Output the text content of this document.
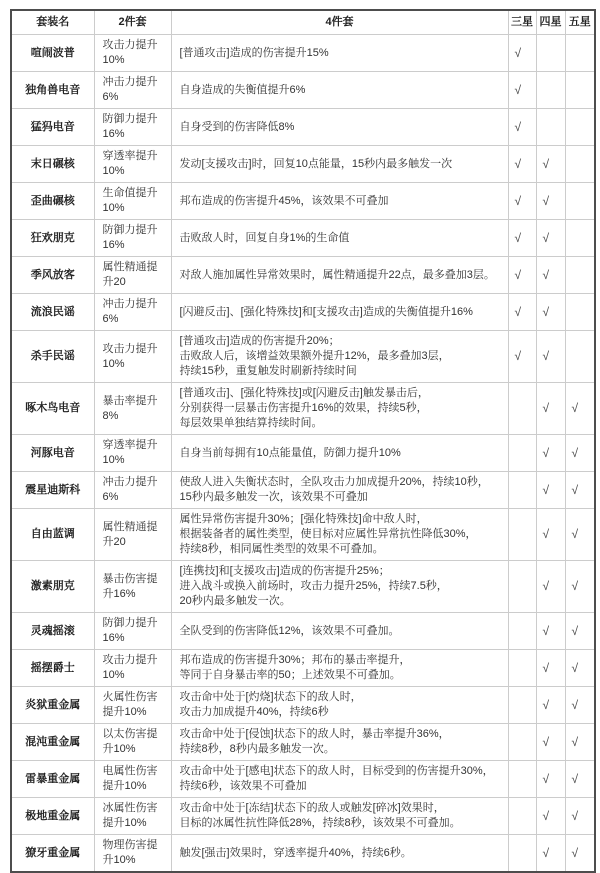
套装名	2件套	4件套	三星	四星	五星
喧闹波普	攻击力提升10%	[普通攻击]造成的伤害提升15%	√		
独角兽电音	冲击力提升6%	自身造成的失衡值提升6%	√		
猛犸电音	防御力提升16%	自身受到的伤害降低8%	√		
末日碾核	穿透率提升10%	发动[支援攻击]时，回复10点能量，15秒内最多触发一次	√	√	
歪曲碾核	生命值提升10%	邦布造成的伤害提升45%，该效果不可叠加	√	√	
狂欢朋克	防御力提升16%	击败敌人时，回复自身1%的生命值	√	√	
季风放客	属性精通提升20	对敌人施加属性异常效果时，属性精通提升22点，最多叠加3层。	√	√	
流浪民谣	冲击力提升6%	[闪避反击]、[强化特殊技]和[支援攻击]造成的失衡值提升16%	√	√	
杀手民谣	攻击力提升10%	[普通攻击]造成的伤害提升20%；
击败敌人后，该增益效果额外提升12%，最多叠加3层，
持续15秒，重复触发时刷新持续时间	√	√	
啄木鸟电音	暴击率提升8%	[普通攻击]、[强化特殊技]或[闪避反击]触发暴击后，
分别获得一层暴击伤害提升16%的效果，持续5秒，
每层效果单独结算持续时间。		√	√
河豚电音	穿透率提升10%	自身当前每拥有10点能量值，防御力提升10%		√	√
震星迪斯科	冲击力提升6%	使敌人进入失衡状态时，全队攻击力加成提升20%，持续10秒，
15秒内最多触发一次，该效果不可叠加		√	√
自由蓝调	属性精通提升20	属性异常伤害提升30%；[强化特殊技]命中敌人时，
根据装备者的属性类型，使目标对应属性异常抗性降低30%，
持续8秒，相同属性类型的效果不可叠加。		√	√
激素朋克	暴击伤害提升16%	[连携技]和[支援攻击]造成的伤害提升25%；
进入战斗或换入前场时，攻击力提升25%，持续7.5秒，
20秒内最多触发一次。		√	√
灵魂摇滚	防御力提升16%	全队受到的伤害降低12%，该效果不可叠加。		√	√
摇摆爵士	攻击力提升10%	邦布造成的伤害提升30%；邦布的暴击率提升，
等同于自身暴击率的50；上述效果不可叠加。		√	√
炎狱重金属	火属性伤害提升10%	攻击命中处于[灼烧]状态下的敌人时，
攻击力加成提升40%，持续6秒		√	√
混沌重金属	以太伤害提升10%	攻击命中处于[侵蚀]状态下的敌人时，暴击率提升36%，
持续8秒，8秒内最多触发一次。		√	√
雷暴重金属	电属性伤害提升10%	攻击命中处于[感电]状态下的敌人时，目标受到的伤害提升30%，
持续6秒，该效果不可叠加		√	√
极地重金属	冰属性伤害提升10%	攻击命中处于[冻结]状态下的敌人或触发[碎冰]效果时，
目标的冰属性抗性降低28%，持续8秒，该效果不可叠加。		√	√
獠牙重金属	物理伤害提升10%	触发[强击]效果时，穿透率提升40%，持续6秒。		√	√
